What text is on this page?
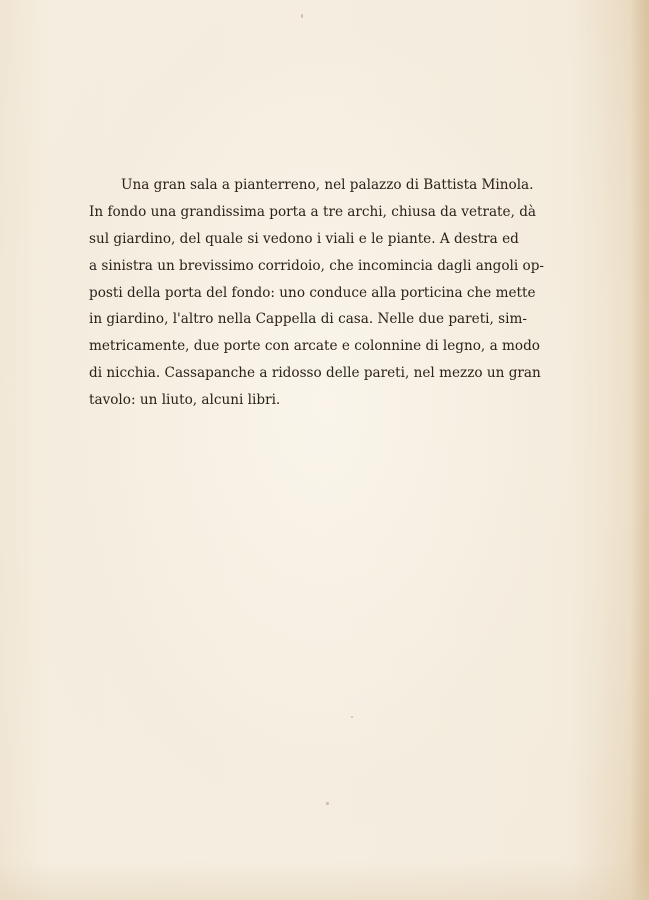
Una gran sala a pianterreno, nel palazzo di Battista Minola.
In fondo una grandissima porta a tre archi, chiusa da vetrate, dà
sul giardino, del quale si vedono i viali e le piante. A destra ed
a sinistra un brevissimo corridoio, che incomincia dagli angoli op-
posti della porta del fondo: uno conduce alla porticina che mette
in giardino, l'altro nella Cappella di casa. Nelle due pareti, sim-
metricamente, due porte con arcate e colonnine di legno, a modo
di nicchia. Cassapanche a ridosso delle pareti, nel mezzo un gran
tavolo: un liuto, alcuni libri.
